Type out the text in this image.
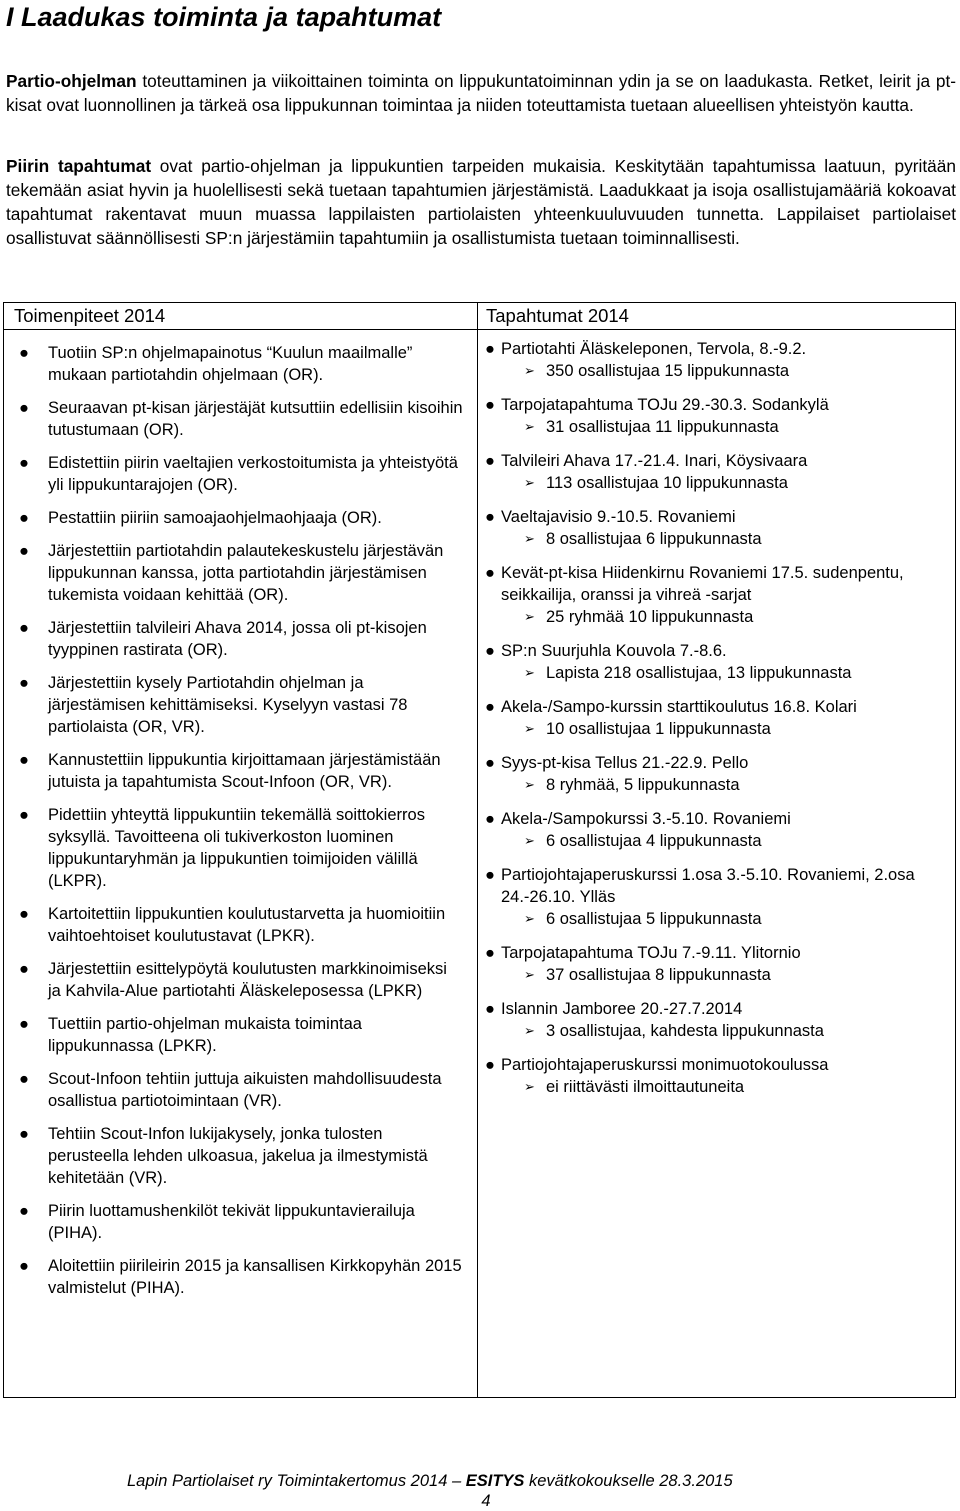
I Laadukas toiminta ja tapahtumat

Partio-ohjelman toteuttaminen ja viikoittainen toiminta on lippukuntatoiminnan ydin ja se on laadukasta. Retket, leirit ja pt-kisat ovat luonnollinen ja tärkeä osa lippukunnan toimintaa ja niiden toteuttamista tuetaan alueellisen yhteistyön kautta.

Piirin tapahtumat ovat partio-ohjelman ja lippukuntien tarpeiden mukaisia. Keskitytään tapahtumissa laatuun, pyritään tekemään asiat hyvin ja huolellisesti sekä tuetaan tapahtumien järjestämistä. Laadukkaat ja isoja osallistujamääriä kokoavat tapahtumat rakentavat muun muassa lappilaisten partiolaisten yhteenkuuluvuuden tunnetta. Lappilaiset partiolaiset osallistuvat säännöllisesti SP:n järjestämiin tapahtumiin ja osallistumista tuetaan toiminnallisesti.

Toimenpiteet 2014	Tapahtumat 2014
● Tuotiin SP:n ohjelmapainotus “Kuulun maailmalle” mukaan partiotahdin ohjelmaan (OR).
● Seuraavan pt-kisan järjestäjät kutsuttiin edellisiin kisoihin tutustumaan (OR).
● Edistettiin piirin vaeltajien verkostoitumista ja yhteistyötä yli lippukuntarajojen (OR).
● Pestattiin piiriin samoajaohjelmaohjaaja (OR).
● Järjestettiin partiotahdin palautekeskustelu järjestävän lippukunnan kanssa, jotta partiotahdin järjestämisen tukemista voidaan kehittää (OR).
● Järjestettiin talvileiri Ahava 2014, jossa oli pt-kisojen tyyppinen rastirata (OR).
● Järjestettiin kysely Partiotahdin ohjelman ja järjestämisen kehittämiseksi. Kyselyyn vastasi 78 partiolaista (OR, VR).
● Kannustettiin lippukuntia kirjoittamaan järjestämistään jutuista ja tapahtumista Scout-Infoon (OR, VR).
● Pidettiin yhteyttä lippukuntiin tekemällä soittokierros syksyllä. Tavoitteena oli tukiverkoston luominen lippukuntaryhmän ja lippukuntien toimijoiden välillä (LKPR).
● Kartoitettiin lippukuntien koulutustarvetta ja huomioitiin vaihtoehtoiset koulutustavat (LPKR).
● Järjestettiin esittelypöytä koulutusten markkinoimiseksi ja Kahvila-Alue partiotahti Äläskeleposessa (LPKR)
● Tuettiin partio-ohjelman mukaista toimintaa lippukunnassa (LPKR).
● Scout-Infoon tehtiin juttuja aikuisten mahdollisuudesta osallistua partiotoimintaan (VR).
● Tehtiin Scout-Infon lukijakysely, jonka tulosten perusteella lehden ulkoasua, jakelua ja ilmestymistä kehitetään (VR).
● Piirin luottamushenkilöt tekivät lippukuntavierailuja (PIHA).
● Aloitettiin piirileirin 2015 ja kansallisen Kirkkopyhän 2015 valmistelut (PIHA).
● Partiotahti Äläskeleponen, Tervola, 8.-9.2.
➢ 350 osallistujaa 15 lippukunnasta
● Tarpojatapahtuma TOJu 29.-30.3. Sodankylä
➢ 31 osallistujaa 11 lippukunnasta
● Talvileiri Ahava 17.-21.4. Inari, Köysivaara
➢ 113 osallistujaa 10 lippukunnasta
● Vaeltajavisio 9.-10.5. Rovaniemi
➢ 8 osallistujaa 6 lippukunnasta
● Kevät-pt-kisa Hiidenkirnu Rovaniemi 17.5. sudenpentu, seikkailija, oranssi ja vihreä -sarjat
➢ 25 ryhmää 10 lippukunnasta
● SP:n Suurjuhla Kouvola 7.-8.6.
➢ Lapista 218 osallistujaa, 13 lippukunnasta
● Akela-/Sampo-kurssin starttikoulutus 16.8. Kolari
➢ 10 osallistujaa 1 lippukunnasta
● Syys-pt-kisa Tellus 21.-22.9. Pello
➢ 8 ryhmää, 5 lippukunnasta
● Akela-/Sampokurssi 3.-5.10. Rovaniemi
➢ 6 osallistujaa 4 lippukunnasta
● Partiojohtajaperuskurssi 1.osa 3.-5.10. Rovaniemi, 2.osa 24.-26.10. Ylläs
➢ 6 osallistujaa 5 lippukunnasta
● Tarpojatapahtuma TOJu 7.-9.11. Ylitornio
➢ 37 osallistujaa 8 lippukunnasta
● Islannin Jamboree 20.-27.7.2014
➢ 3 osallistujaa, kahdesta lippukunnasta
● Partiojohtajaperuskurssi monimuotokoulussa
➢ ei riittävästi ilmoittautuneita
Lapin Partiolaiset ry Toimintakertomus 2014 – ESITYS kevätkokoukselle 28.3.2015
4
